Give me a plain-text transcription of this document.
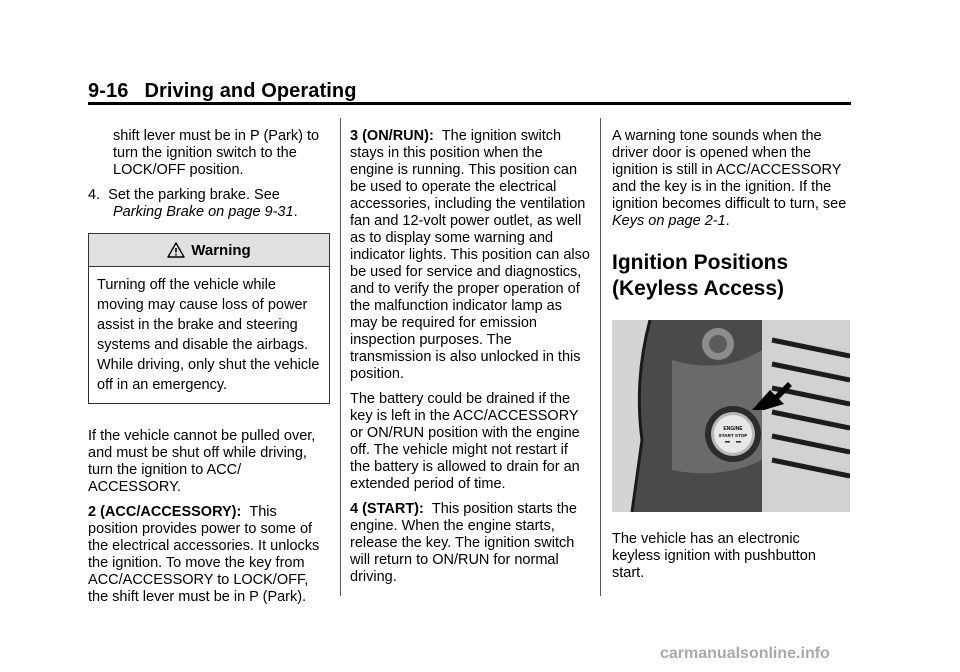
9-16 Driving and Operating

shift lever must be in P (Park) to turn the ignition switch to the LOCK/OFF position.

4. Set the parking brake. See Parking Brake on page 9-31.

Warning
Turning off the vehicle while moving may cause loss of power assist in the brake and steering systems and disable the airbags. While driving, only shut the vehicle off in an emergency.

If the vehicle cannot be pulled over, and must be shut off while driving, turn the ignition to ACC/ ACCESSORY.

2 (ACC/ACCESSORY): This position provides power to some of the electrical accessories. It unlocks the ignition. To move the key from ACC/ACCESSORY to LOCK/OFF, the shift lever must be in P (Park).

3 (ON/RUN): The ignition switch stays in this position when the engine is running. This position can be used to operate the electrical accessories, including the ventilation fan and 12-volt power outlet, as well as to display some warning and indicator lights. This position can also be used for service and diagnostics, and to verify the proper operation of the malfunction indicator lamp as may be required for emission inspection purposes. The transmission is also unlocked in this position.

The battery could be drained if the key is left in the ACC/ACCESSORY or ON/RUN position with the engine off. The vehicle might not restart if the battery is allowed to drain for an extended period of time.

4 (START): This position starts the engine. When the engine starts, release the key. The ignition switch will return to ON/RUN for normal driving.

A warning tone sounds when the driver door is opened when the ignition is still in ACC/ACCESSORY and the key is in the ignition. If the ignition becomes difficult to turn, see Keys on page 2-1.

Ignition Positions
(Keyless Access)
ENGINE
START STOP

The vehicle has an electronic keyless ignition with pushbutton start.

carmanualsonline.info
